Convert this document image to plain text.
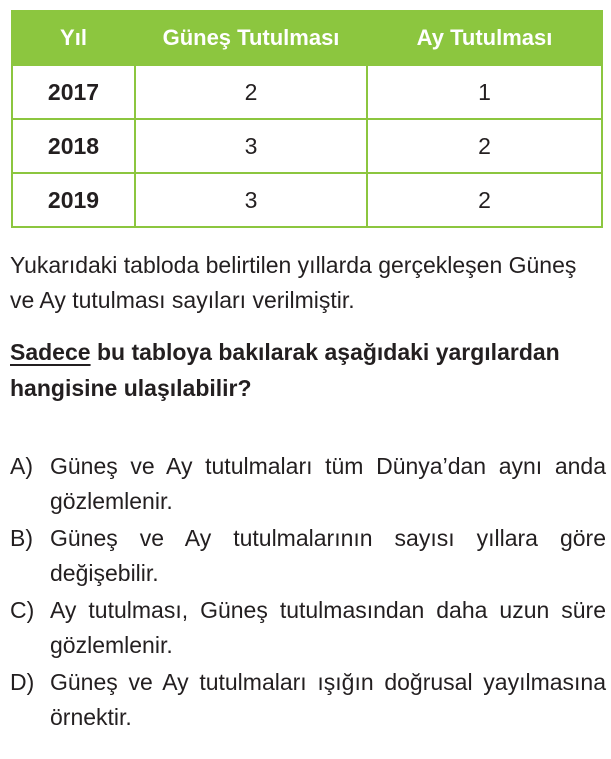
Yıl	Güneş Tutulması	Ay Tutulması
2017	2	1
2018	3	2
2019	3	2

Yukarıdaki tabloda belirtilen yıllarda gerçekleşen Güneş ve Ay tutulması sayıları verilmiştir.

Sadece bu tabloya bakılarak aşağıdaki yargılardan hangisine ulaşılabilir?

A) Güneş ve Ay tutulmaları tüm Dünya’dan aynı anda gözlemlenir.
B) Güneş ve Ay tutulmalarının sayısı yıllara göre değişebilir.
C) Ay tutulması, Güneş tutulmasından daha uzun süre gözlemlenir.
D) Güneş ve Ay tutulmaları ışığın doğrusal yayılmasına örnektir.
